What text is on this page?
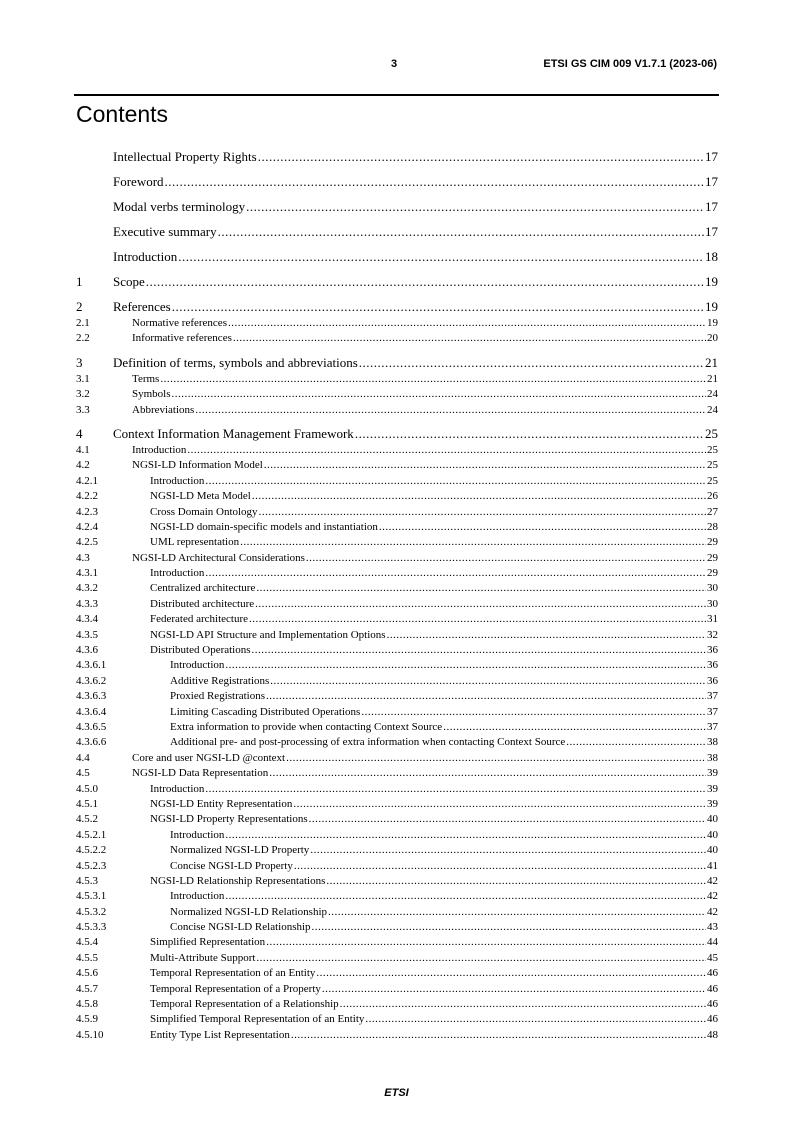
3	ETSI GS CIM 009 V1.7.1 (2023-06)
Contents
Intellectual Property Rights .....	17
Foreword .....	17
Modal verbs terminology .....	17
Executive summary .....	17
Introduction .....	18
1	Scope .....	19
2	References .....	19
2.1	Normative references .....	19
2.2	Informative references .....	20
3	Definition of terms, symbols and abbreviations .....	21
3.1	Terms .....	21
3.2	Symbols .....	24
3.3	Abbreviations .....	24
4	Context Information Management Framework .....	25
4.1	Introduction .....	25
4.2	NGSI-LD Information Model .....	25
4.2.1	Introduction .....	25
4.2.2	NGSI-LD Meta Model .....	26
4.2.3	Cross Domain Ontology .....	27
4.2.4	NGSI-LD domain-specific models and instantiation .....	28
4.2.5	UML representation .....	29
4.3	NGSI-LD Architectural Considerations .....	29
4.3.1	Introduction .....	29
4.3.2	Centralized architecture .....	30
4.3.3	Distributed architecture .....	30
4.3.4	Federated architecture .....	31
4.3.5	NGSI-LD API Structure and Implementation Options .....	32
4.3.6	Distributed Operations .....	36
4.3.6.1	Introduction .....	36
4.3.6.2	Additive Registrations .....	36
4.3.6.3	Proxied Registrations .....	37
4.3.6.4	Limiting Cascading Distributed Operations .....	37
4.3.6.5	Extra information to provide when contacting Context Source .....	37
4.3.6.6	Additional pre- and post-processing of extra information when contacting Context Source .....	38
4.4	Core and user NGSI-LD @context .....	38
4.5	NGSI-LD Data Representation .....	39
4.5.0	Introduction .....	39
4.5.1	NGSI-LD Entity Representation .....	39
4.5.2	NGSI-LD Property Representations .....	40
4.5.2.1	Introduction .....	40
4.5.2.2	Normalized NGSI-LD Property .....	40
4.5.2.3	Concise NGSI-LD Property .....	41
4.5.3	NGSI-LD Relationship Representations .....	42
4.5.3.1	Introduction .....	42
4.5.3.2	Normalized NGSI-LD Relationship .....	42
4.5.3.3	Concise NGSI-LD Relationship .....	43
4.5.4	Simplified Representation .....	44
4.5.5	Multi-Attribute Support .....	45
4.5.6	Temporal Representation of an Entity .....	46
4.5.7	Temporal Representation of a Property .....	46
4.5.8	Temporal Representation of a Relationship .....	46
4.5.9	Simplified Temporal Representation of an Entity .....	46
4.5.10	Entity Type List Representation .....	48
ETSI
